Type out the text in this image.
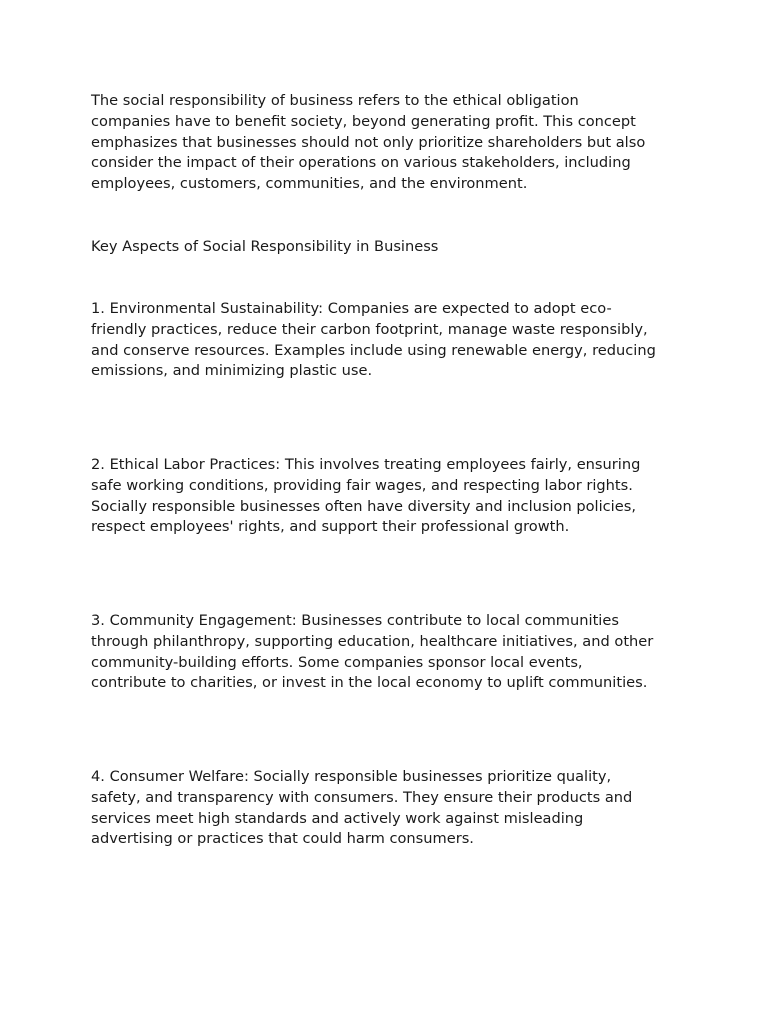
The social responsibility of business refers to the ethical obligation
companies have to benefit society, beyond generating profit. This concept
emphasizes that businesses should not only prioritize shareholders but also
consider the impact of their operations on various stakeholders, including
employees, customers, communities, and the environment.

Key Aspects of Social Responsibility in Business

1. Environmental Sustainability: Companies are expected to adopt eco-
friendly practices, reduce their carbon footprint, manage waste responsibly,
and conserve resources. Examples include using renewable energy, reducing
emissions, and minimizing plastic use.

2. Ethical Labor Practices: This involves treating employees fairly, ensuring
safe working conditions, providing fair wages, and respecting labor rights.
Socially responsible businesses often have diversity and inclusion policies,
respect employees' rights, and support their professional growth.

3. Community Engagement: Businesses contribute to local communities
through philanthropy, supporting education, healthcare initiatives, and other
community-building efforts. Some companies sponsor local events,
contribute to charities, or invest in the local economy to uplift communities.

4. Consumer Welfare: Socially responsible businesses prioritize quality,
safety, and transparency with consumers. They ensure their products and
services meet high standards and actively work against misleading
advertising or practices that could harm consumers.
